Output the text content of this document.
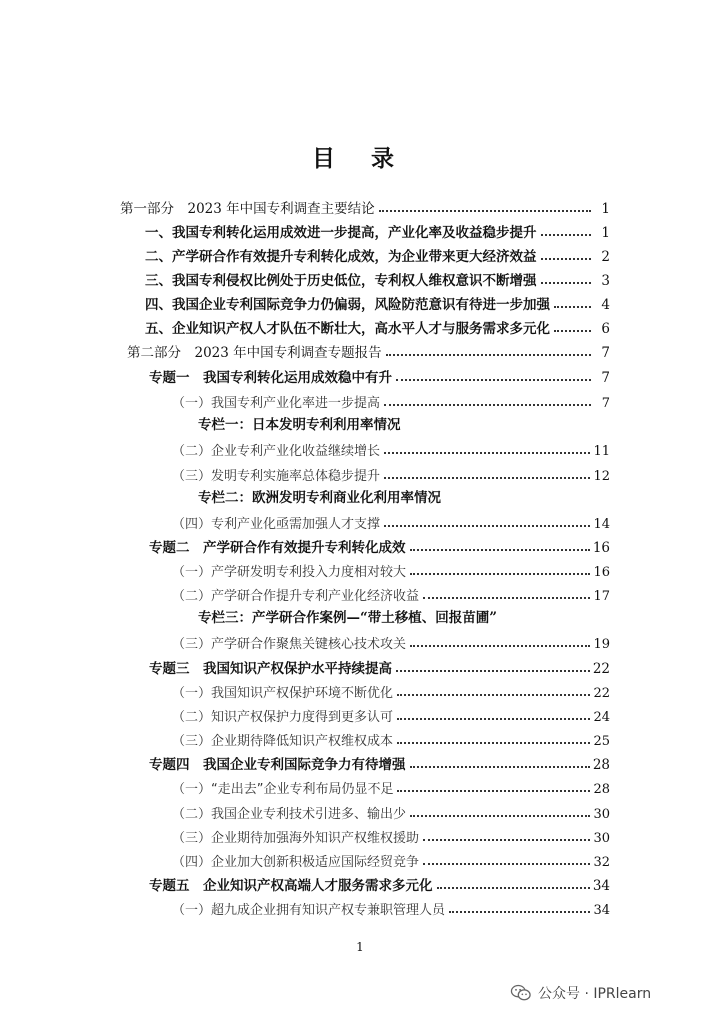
目 录
第一部分　2023 年中国专利调查主要结论	1
一、我国专利转化运用成效进一步提高，产业化率及收益稳步提升	1
二、产学研合作有效提升专利转化成效，为企业带来更大经济效益	2
三、我国专利侵权比例处于历史低位，专利权人维权意识不断增强	3
四、我国企业专利国际竞争力仍偏弱，风险防范意识有待进一步加强	4
五、企业知识产权人才队伍不断壮大，高水平人才与服务需求多元化	6
第二部分　2023 年中国专利调查专题报告	7
专题一　我国专利转化运用成效稳中有升	7
（一）我国专利产业化率进一步提高	7
专栏一：日本发明专利利用率情况
（二）企业专利产业化收益继续增长	11
（三）发明专利实施率总体稳步提升	12
专栏二：欧洲发明专利商业化利用率情况
（四）专利产业化亟需加强人才支撑	14
专题二　产学研合作有效提升专利转化成效	16
（一）产学研发明专利投入力度相对较大	16
（二）产学研合作提升专利产业化经济收益	17
专栏三：产学研合作案例—“带土移植、回报苗圃”
（三）产学研合作聚焦关键核心技术攻关	19
专题三　我国知识产权保护水平持续提高	22
（一）我国知识产权保护环境不断优化	22
（二）知识产权保护力度得到更多认可	24
（三）企业期待降低知识产权维权成本	25
专题四　我国企业专利国际竞争力有待增强	28
（一）“走出去”企业专利布局仍显不足	28
（二）我国企业专利技术引进多、输出少	30
（三）企业期待加强海外知识产权维权援助	30
（四）企业加大创新积极适应国际经贸竞争	32
专题五　企业知识产权高端人才服务需求多元化	34
（一）超九成企业拥有知识产权专兼职管理人员	34
1
公众号 · IPRlearn
